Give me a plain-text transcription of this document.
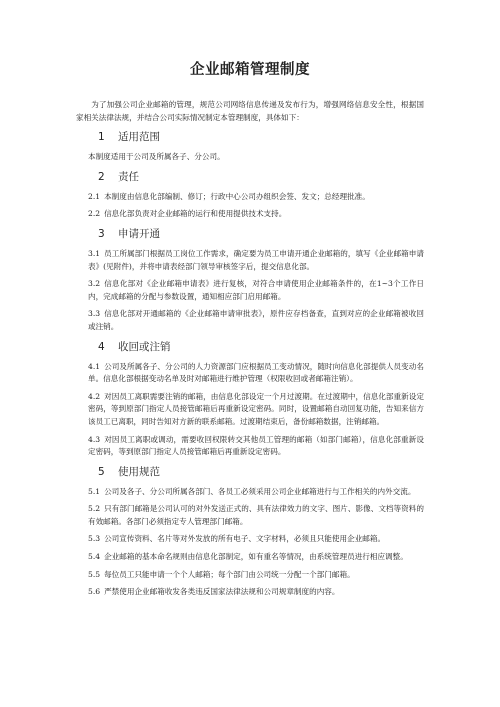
企业邮箱管理制度

为了加强公司企业邮箱的管理，规范公司网络信息传递及发布行为，增强网络信息安全性，根据国家相关法律法规，并结合公司实际情况制定本管理制度，具体如下：

1 适用范围

本制度适用于公司及所属各子、分公司。

2 责任

2.1 本制度由信息化部编制、修订；行政中心公司办组织会签、发文；总经理批准。

2.2 信息化部负责对企业邮箱的运行和使用提供技术支持。

3 申请开通

3.1 员工所属部门根据员工岗位工作需求，确定要为员工申请开通企业邮箱的，填写《企业邮箱申请表》(见附件)，并将申请表经部门领导审核签字后，提交信息化部。

3.2 信息化部对《企业邮箱申请表》进行复核，对符合申请使用企业邮箱条件的，在1~3个工作日内，完成邮箱的分配与参数设置，通知相应部门启用邮箱。

3.3 信息化部对开通邮箱的《企业邮箱申请审批表》，原件应存档备查，直到对应的企业邮箱被收回或注销。

4 收回或注销

4.1 公司及所属各子、分公司的人力资源部门应根据员工变动情况，随时向信息化部提供人员变动名单。信息化部根据变动名单及时对邮箱进行维护管理（权限收回或者邮箱注销）。

4.2 对因员工离职需要注销的邮箱，由信息化部设定一个月过渡期。在过渡期中，信息化部重新设定密码，等到原部门指定人员接管邮箱后再重新设定密码。同时，设置邮箱自动回复功能，告知来信方该员工已离职，同时告知对方新的联系邮箱。过渡期结束后，备份邮箱数据，注销邮箱。

4.3 对因员工离职或调动，需要收回权限转交其他员工管理的邮箱（如部门邮箱），信息化部重新设定密码，等到原部门指定人员接管邮箱后再重新设定密码。

5 使用规范

5.1 公司及各子、分公司所属各部门、各员工必须采用公司企业邮箱进行与工作相关的内外交流。

5.2 只有部门邮箱是公司认可的对外发送正式的、具有法律效力的文字、图片、影像、文档等资料的有效邮箱。各部门必须指定专人管理部门邮箱。

5.3 公司宣传资料、名片等对外发放的所有电子、文字材料，必须且只能使用企业邮箱。

5.4 企业邮箱的基本命名规则由信息化部制定，如有重名等情况，由系统管理员进行相应调整。

5.5 每位员工只能申请一个个人邮箱；每个部门由公司统一分配一个部门邮箱。

5.6 严禁使用企业邮箱收发各类违反国家法律法规和公司规章制度的内容。
